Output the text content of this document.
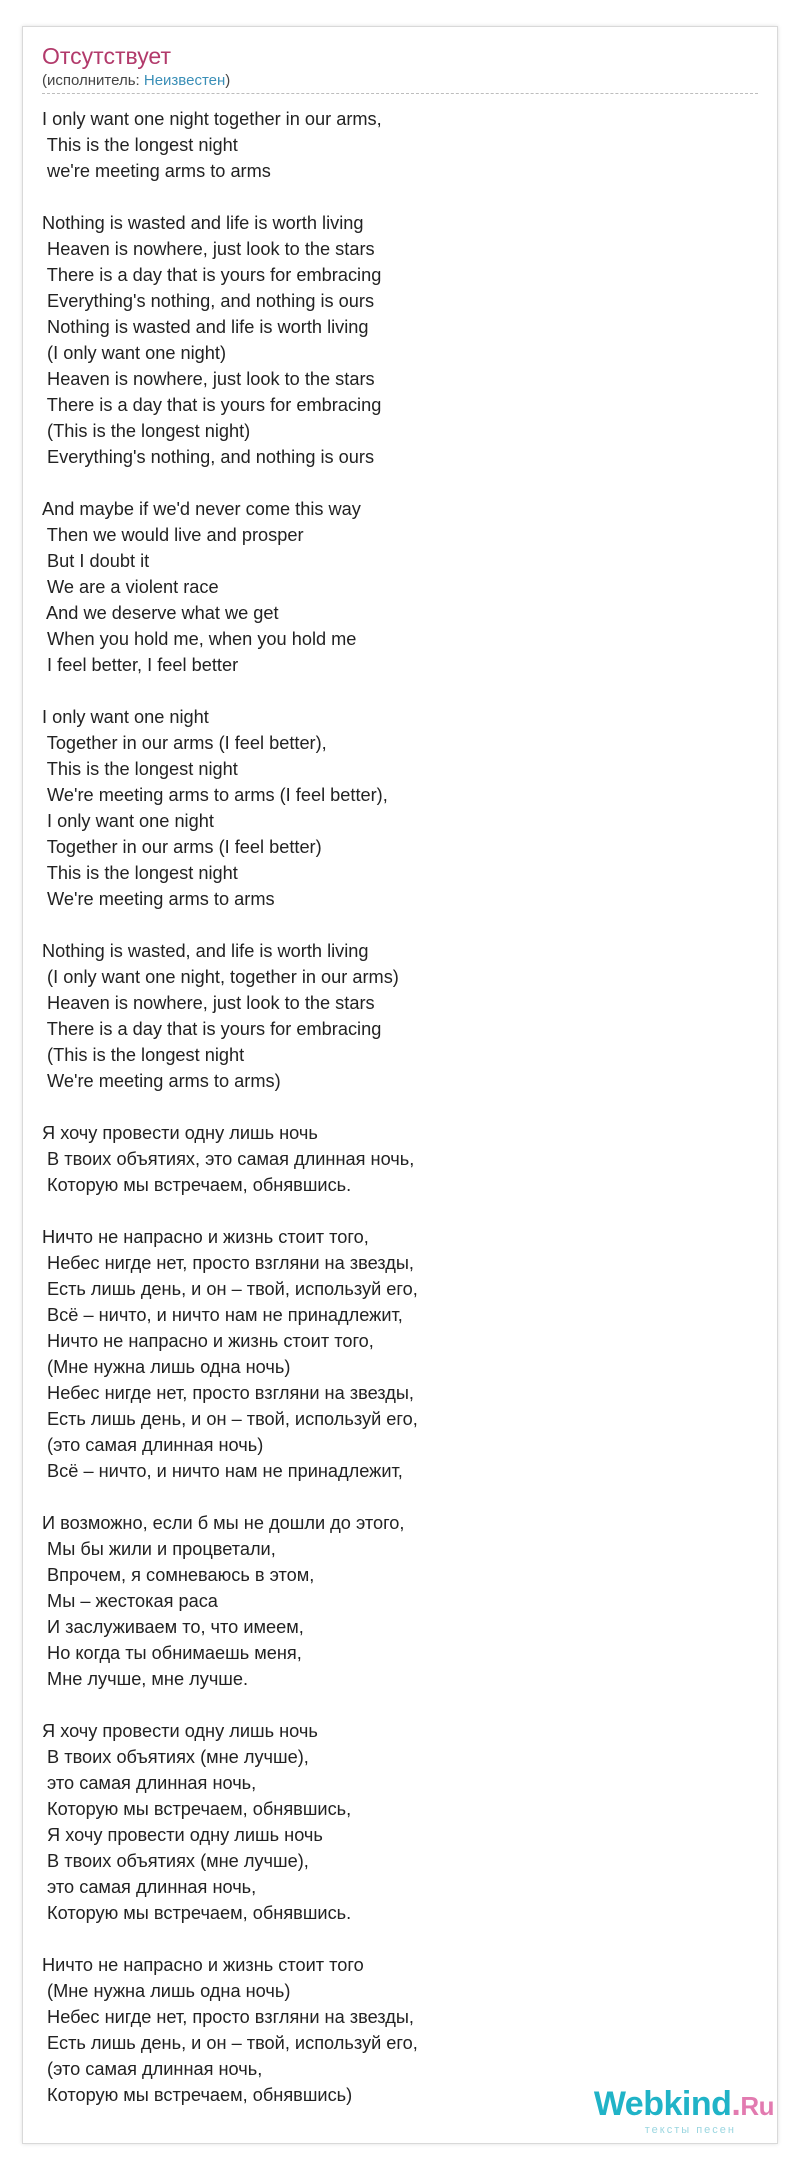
Отсутствует
(исполнитель: Неизвестен)
I only want one night together in our arms,
This is the longest night
we're meeting arms to arms
Nothing is wasted and life is worth living
Heaven is nowhere, just look to the stars
There is a day that is yours for embracing
Everything's nothing, and nothing is ours
Nothing is wasted and life is worth living
(I only want one night)
Heaven is nowhere, just look to the stars
There is a day that is yours for embracing
(This is the longest night)
Everything's nothing, and nothing is ours
And maybe if we'd never come this way
Then we would live and prosper
But I doubt it
We are a violent race
And we deserve what we get
When you hold me, when you hold me
I feel better, I feel better
I only want one night
Together in our arms (I feel better),
This is the longest night
We're meeting arms to arms (I feel better),
I only want one night
Together in our arms (I feel better)
This is the longest night
We're meeting arms to arms
Nothing is wasted, and life is worth living
(I only want one night, together in our arms)
Heaven is nowhere, just look to the stars
There is a day that is yours for embracing
(This is the longest night
We're meeting arms to arms)
Я хочу провести одну лишь ночь
В твоих объятиях, это самая длинная ночь,
Которую мы встречаем, обнявшись.
Ничто не напрасно и жизнь стоит того,
Небес нигде нет, просто взгляни на звезды,
Есть лишь день, и он – твой, используй его,
Всё – ничто, и ничто нам не принадлежит,
Ничто не напрасно и жизнь стоит того,
(Мне нужна лишь одна ночь)
Небес нигде нет, просто взгляни на звезды,
Есть лишь день, и он – твой, используй его,
(это самая длинная ночь)
Всё – ничто, и ничто нам не принадлежит,
И возможно, если б мы не дошли до этого,
Мы бы жили и процветали,
Впрочем, я сомневаюсь в этом,
Мы – жестокая раса
И заслуживаем то, что имеем,
Но когда ты обнимаешь меня,
Мне лучше, мне лучше.
Я хочу провести одну лишь ночь
В твоих объятиях (мне лучше),
это самая длинная ночь,
Которую мы встречаем, обнявшись,
Я хочу провести одну лишь ночь
В твоих объятиях (мне лучше),
это самая длинная ночь,
Которую мы встречаем, обнявшись.
Ничто не напрасно и жизнь стоит того
(Мне нужна лишь одна ночь)
Небес нигде нет, просто взгляни на звезды,
Есть лишь день, и он – твой, используй его,
(это самая длинная ночь,
Которую мы встречаем, обнявшись)	Webkind.Ru
тексты песен
